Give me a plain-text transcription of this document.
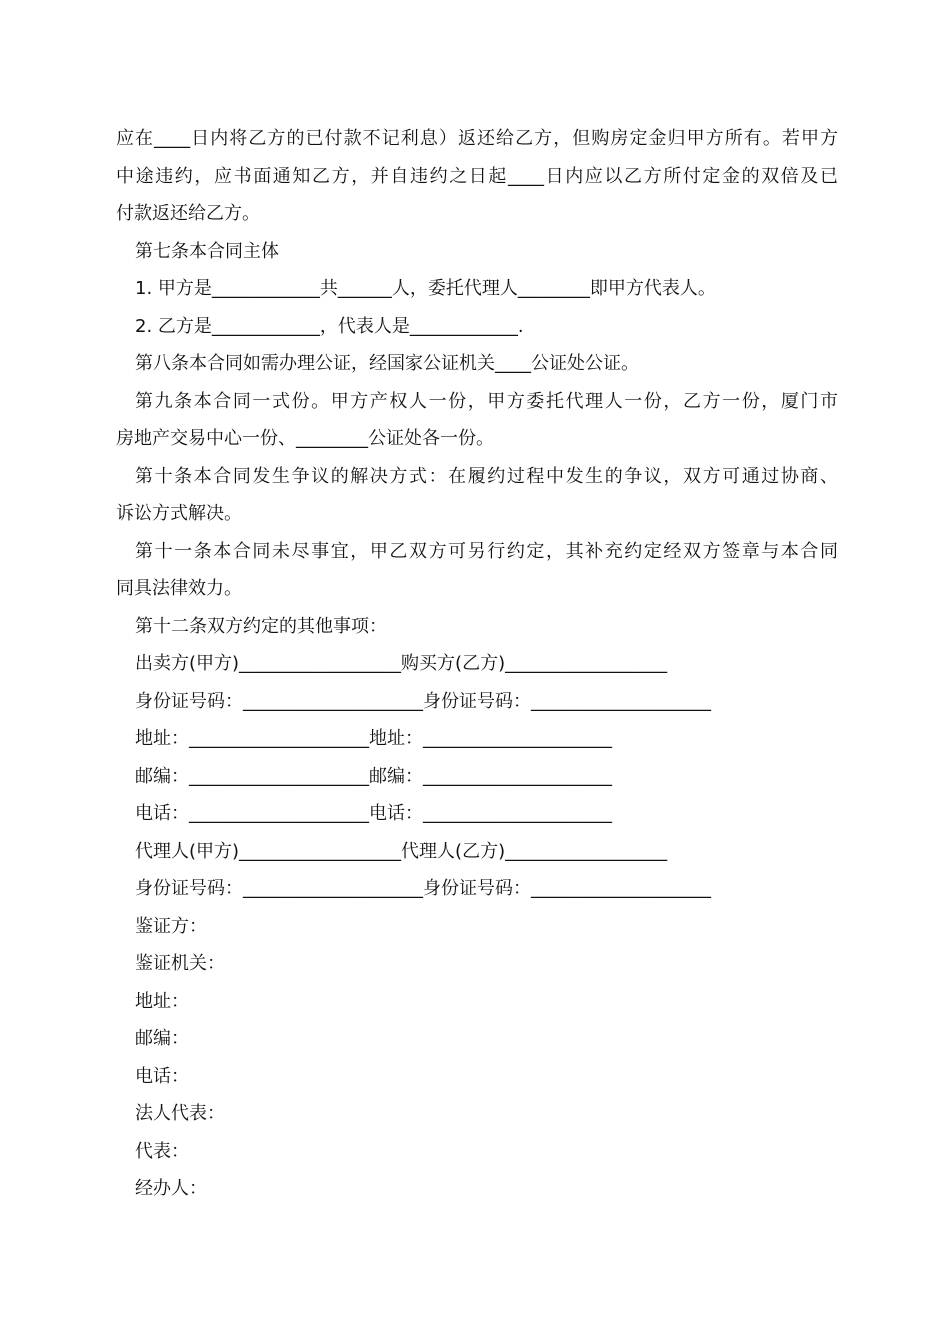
应在____日内将乙方的已付款不记利息）返还给乙方，但购房定金归甲方所有。若甲方
中途违约，应书面通知乙方，并自违约之日起____日内应以乙方所付定金的双倍及已
付款返还给乙方。
第七条本合同主体
1. 甲方是____________共______人，委托代理人________即甲方代表人。
2. 乙方是____________，代表人是____________.
第八条本合同如需办理公证，经国家公证机关____公证处公证。
第九条本合同一式份。甲方产权人一份，甲方委托代理人一份，乙方一份，厦门市
房地产交易中心一份、________公证处各一份。
第十条本合同发生争议的解决方式：在履约过程中发生的争议，双方可通过协商、
诉讼方式解决。
第十一条本合同未尽事宜，甲乙双方可另行约定，其补充约定经双方签章与本合同
同具法律效力。
第十二条双方约定的其他事项：
出卖方(甲方)__________________购买方(乙方)__________________
身份证号码：____________________身份证号码：____________________
地址：____________________地址：_____________________
邮编：____________________邮编：_____________________
电话：____________________电话：_____________________
代理人(甲方)__________________代理人(乙方)__________________
身份证号码：____________________身份证号码：____________________
鉴证方：
鉴证机关：
地址：
邮编：
电话：
法人代表：
代表：
经办人：
